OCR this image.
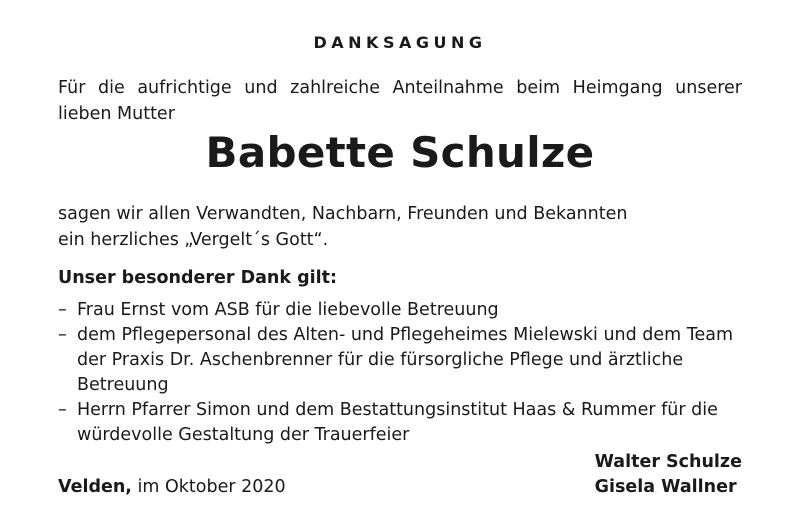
DANKSAGUNG
Für die aufrichtige und zahlreiche Anteilnahme beim Heimgang unserer
lieben Mutter
Babette Schulze
sagen wir allen Verwandten, Nachbarn, Freunden und Bekannten
ein herzliches „Vergelt´s Gott“.
Unser besonderer Dank gilt:
– Frau Ernst vom ASB für die liebevolle Betreuung
– dem Pflegepersonal des Alten- und Pflegeheimes Mielewski und dem Team
der Praxis Dr. Aschenbrenner für die fürsorgliche Pflege und ärztliche
Betreuung
– Herrn Pfarrer Simon und dem Bestattungsinstitut Haas & Rummer für die
würdevolle Gestaltung der Trauerfeier
Walter Schulze
Gisela Wallner
Velden, im Oktober 2020
